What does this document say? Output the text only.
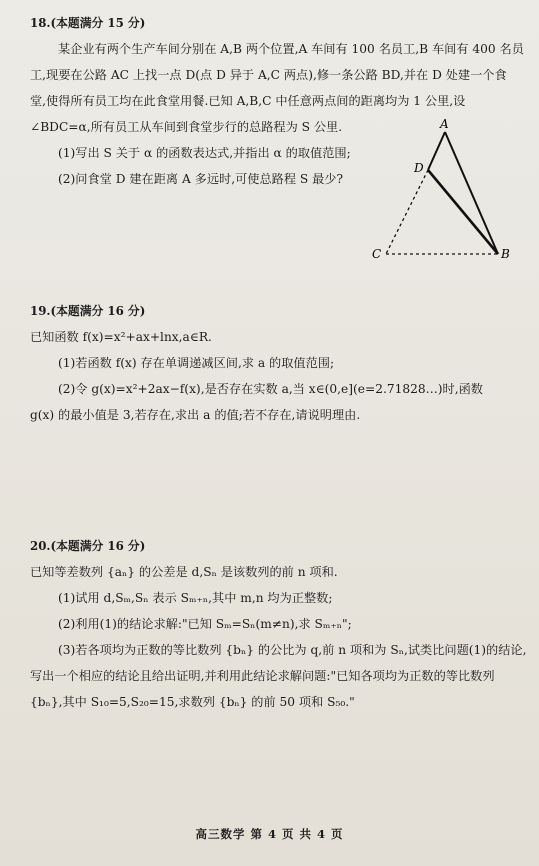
18.(本题满分 15 分)

某企业有两个生产车间分别在 A,B 两个位置,A 车间有 100 名员工,B 车间有 400 名员

工,现要在公路 AC 上找一点 D(点 D 异于 A,C 两点),修一条公路 BD,并在 D 处建一个食

堂,使得所有员工均在此食堂用餐.已知 A,B,C 中任意两点间的距离均为 1 公里,设

∠BDC=α,所有员工从车间到食堂步行的总路程为 S 公里.

(1)写出 S 关于 α 的函数表达式,并指出 α 的取值范围;

(2)问食堂 D 建在距离 A 多远时,可使总路程 S 最少?

A
D
C	B

19.(本题满分 16 分)

已知函数 f(x)=x²+ax+lnx,a∈R.

(1)若函数 f(x) 存在单调递减区间,求 a 的取值范围;

(2)令 g(x)=x²+2ax−f(x),是否存在实数 a,当 x∈(0,e](e=2.71828…)时,函数

g(x) 的最小值是 3,若存在,求出 a 的值;若不存在,请说明理由.

20.(本题满分 16 分)

已知等差数列 {aₙ} 的公差是 d,Sₙ 是该数列的前 n 项和.

(1)试用 d,Sₘ,Sₙ 表示 Sₘ₊ₙ,其中 m,n 均为正整数;

(2)利用(1)的结论求解:"已知 Sₘ=Sₙ(m≠n),求 Sₘ₊ₙ";

(3)若各项均为正数的等比数列 {bₙ} 的公比为 q,前 n 项和为 Sₙ,试类比问题(1)的结论,

写出一个相应的结论且给出证明,并利用此结论求解问题:"已知各项均为正数的等比数列

{bₙ},其中 S₁₀=5,S₂₀=15,求数列 {bₙ} 的前 50 项和 S₅₀."

高三数学 第 4 页 共 4 页
